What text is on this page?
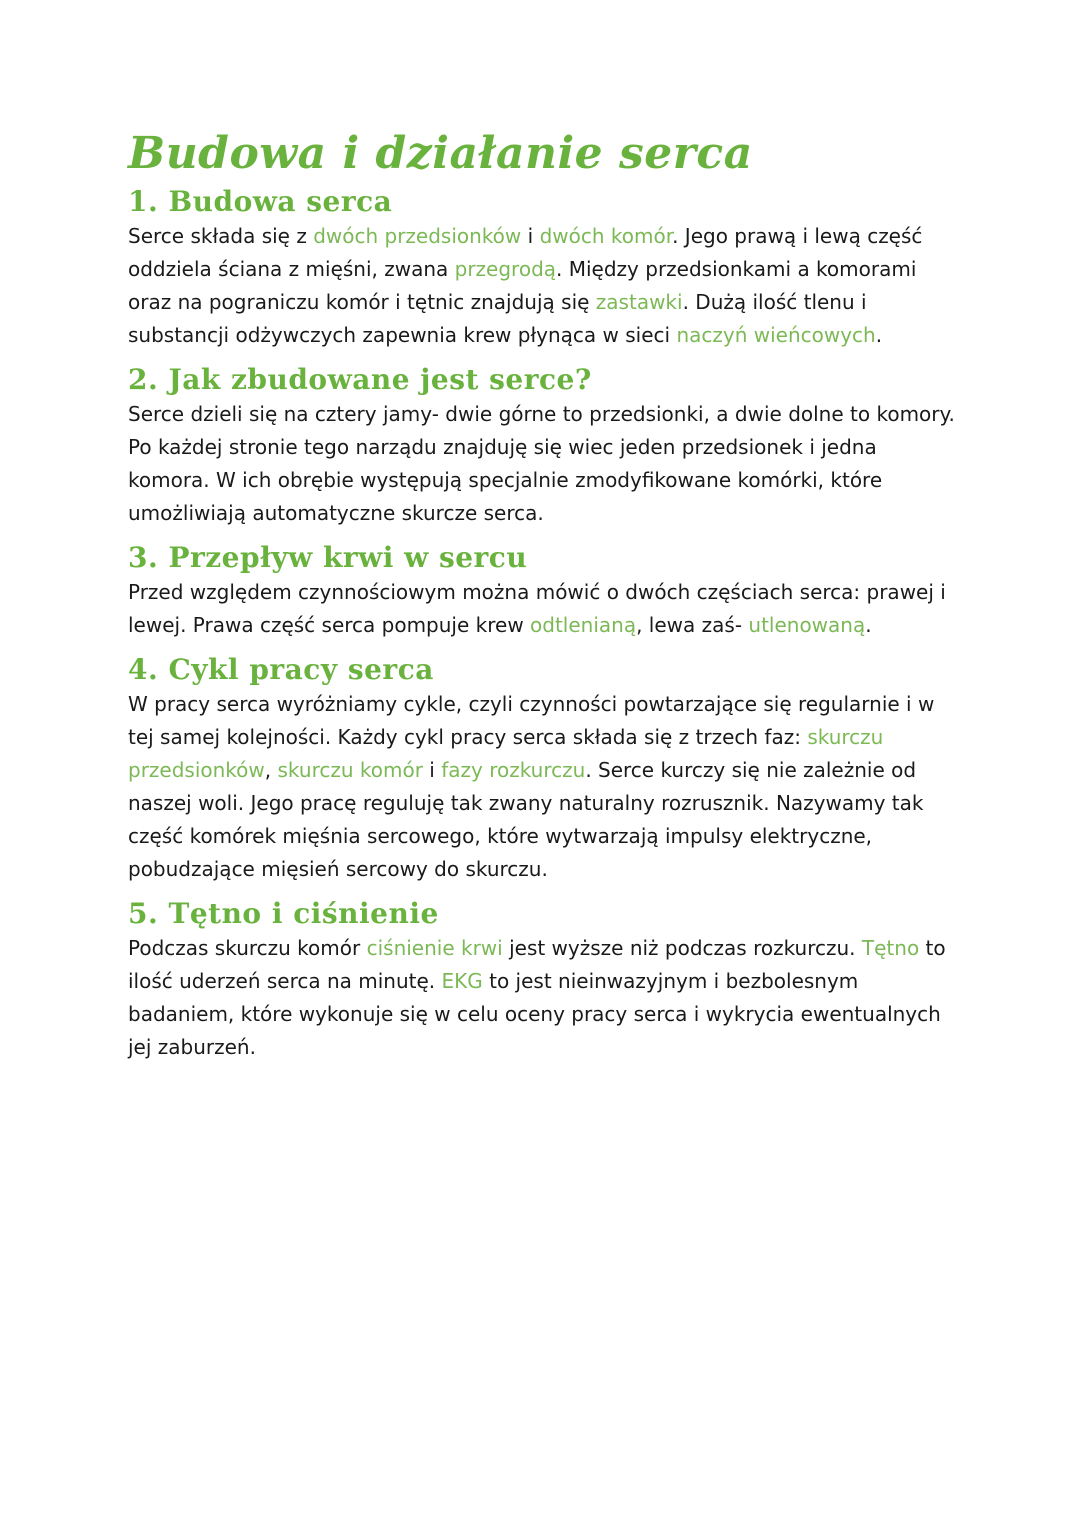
Budowa i działanie serca
1. Budowa serca

Serce składa się z dwóch przedsionków i dwóch komór. Jego prawą i lewą część oddziela ściana z mięśni, zwana przegrodą. Między przedsionkami a komorami oraz na pograniczu komór i tętnic znajdują się zastawki. Dużą ilość tlenu i substancji odżywczych zapewnia krew płynąca w sieci naczyń wieńcowych.

2. Jak zbudowane jest serce?

Serce dzieli się na cztery jamy- dwie górne to przedsionki, a dwie dolne to komory. Po każdej stronie tego narządu znajduję się wiec jeden przedsionek i jedna komora. W ich obrębie występują specjalnie zmodyfikowane komórki, które umożliwiają automatyczne skurcze serca.

3. Przepływ krwi w sercu

Przed względem czynnościowym można mówić o dwóch częściach serca: prawej i lewej. Prawa część serca pompuje krew odtlenianą, lewa zaś- utlenowaną.

4. Cykl pracy serca

W pracy serca wyróżniamy cykle, czyli czynności powtarzające się regularnie i w tej samej kolejności. Każdy cykl pracy serca składa się z trzech faz: skurczu przedsionków, skurczu komór i fazy rozkurczu. Serce kurczy się nie zależnie od naszej woli. Jego pracę reguluję tak zwany naturalny rozrusznik. Nazywamy tak część komórek mięśnia sercowego, które wytwarzają impulsy elektryczne, pobudzające mięsień sercowy do skurczu.

5. Tętno i ciśnienie

Podczas skurczu komór ciśnienie krwi jest wyższe niż podczas rozkurczu. Tętno to ilość uderzeń serca na minutę. EKG to jest nieinwazyjnym i bezbolesnym badaniem, które wykonuje się w celu oceny pracy serca i wykrycia ewentualnych jej zaburzeń.
